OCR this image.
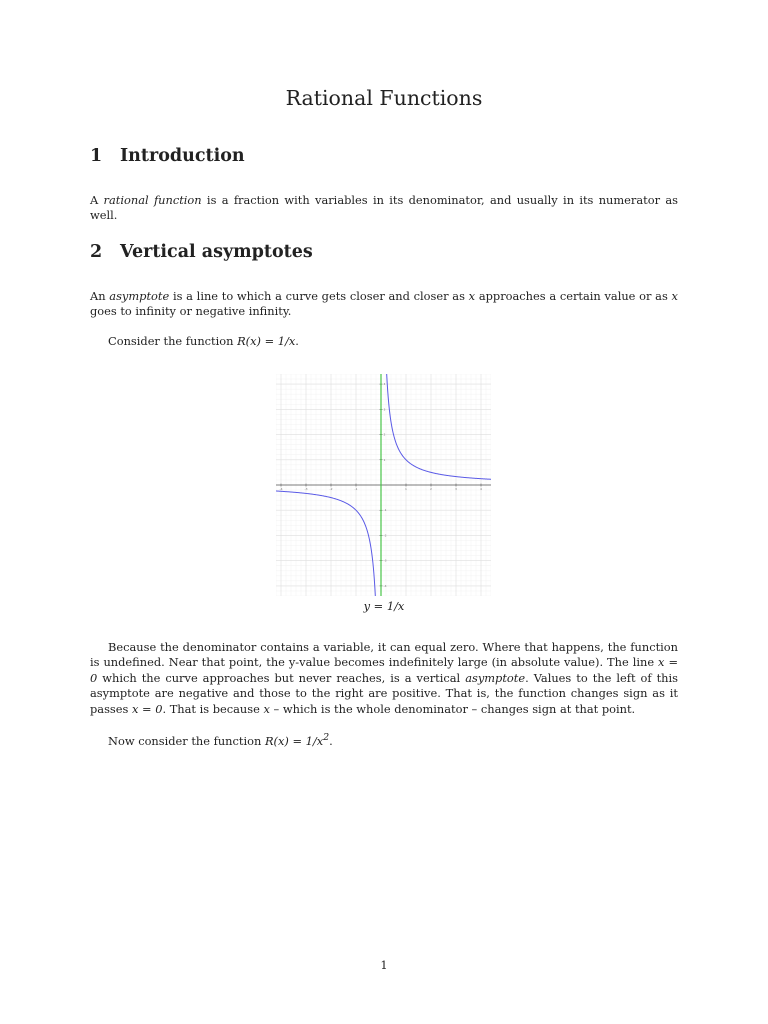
Rational Functions
1 Introduction

A rational function is a fraction with variables in its denominator, and usually in its numerator as well.

2 Vertical asymptotes

An asymptote is a line to which a curve gets closer and closer as x approaches a certain value or as x goes to infinity or negative infinity.

Consider the function R(x) = 1/x.

-4	-3	-2	-1	1	2	3	4
-4
-3
-2
-1
1
2
3
4

y = 1/x

Because the denominator contains a variable, it can equal zero. Where that happens, the function is undefined. Near that point, the y-value becomes indefinitely large (in absolute value). The line x = 0 which the curve approaches but never reaches, is a vertical asymptote. Values to the left of this asymptote are negative and those to the right are positive. That is, the function changes sign as it passes x = 0. That is because x – which is the whole denominator – changes sign at that point.

Now consider the function $R(x) = 1/x^2$.

1
